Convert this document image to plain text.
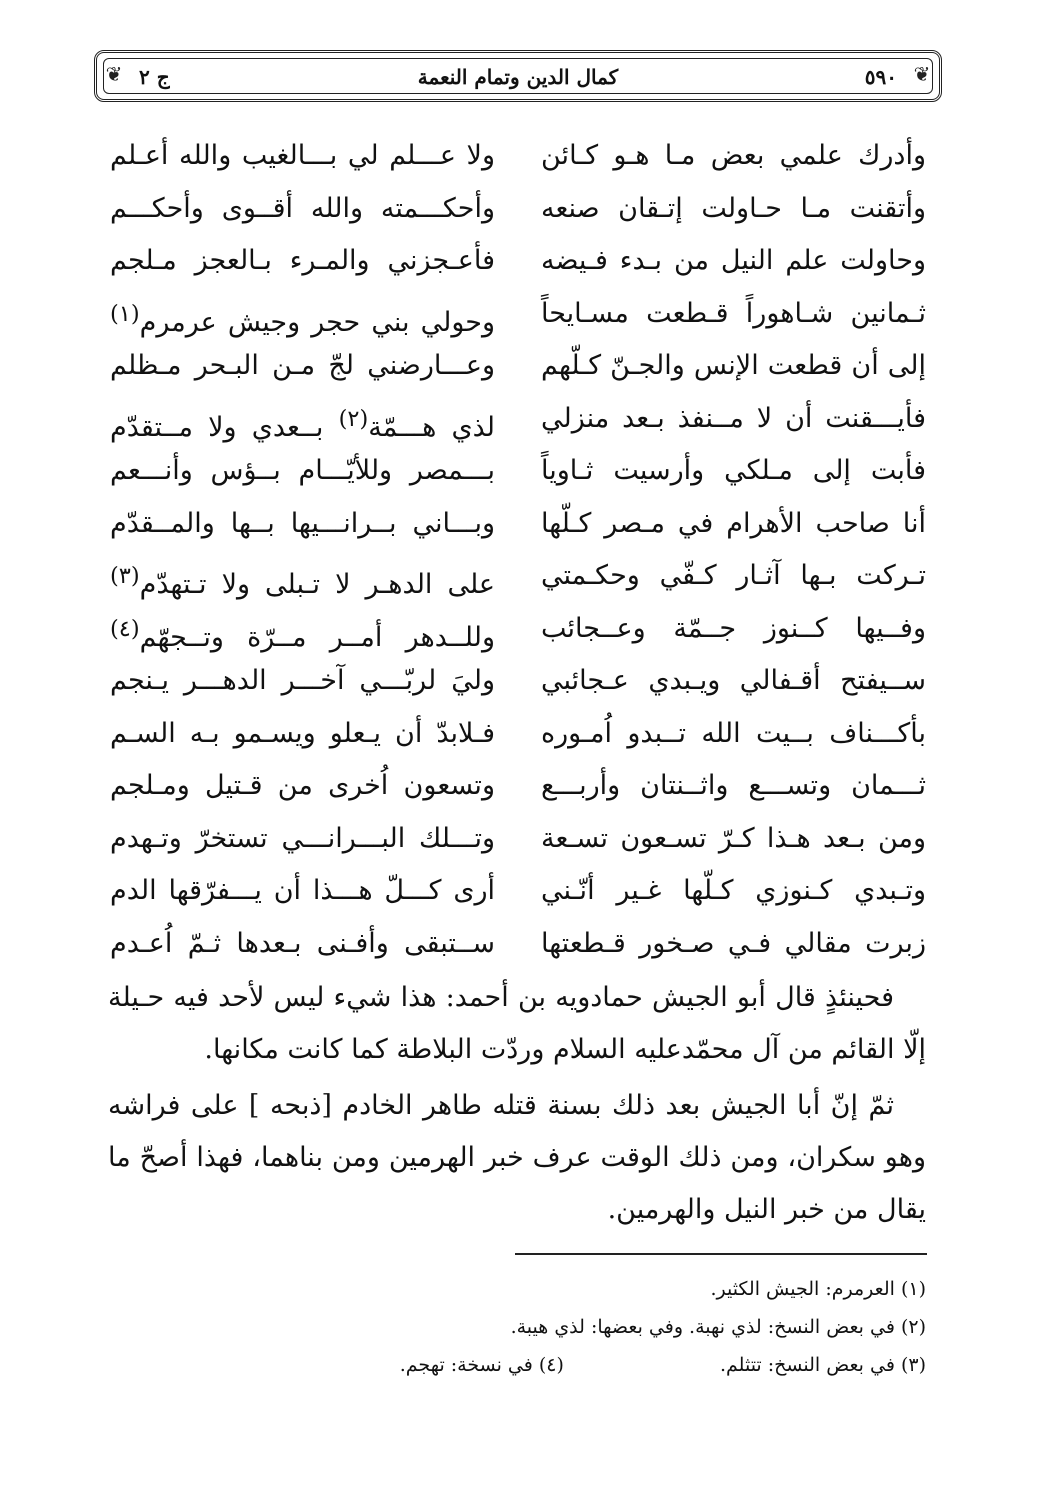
❦
❦	٥٩٠
كمال الدين وتمام النعمة
ج ٢
وأدرك علمي بعض مـا هـو كـائن
وأتقنت مـا حـاولت إتـقان صنعه
وحاولت علم النيل من بـدء فـيضه
ثـمانين شـاهوراً قـطعت مسـايحاً
إلى أن قطعت الإنس والجـنّ كـلّهم
فأيـــقنت أن لا مــنفذ بـعد منزلي
فأبت إلى مـلكي وأرسيت ثـاوياً
أنا صاحب الأهرام في مـصر كـلّها
تـركت بـها آثـار كـفّي وحكـمتي
وفــيها كــنوز جــمّة وعــجائب
ســيفتح أقـفالي ويـبدي عـجائبي
بأكـــناف بــيت الله تــبدو اُمـوره
ثـــمان وتســـع واثــنتان وأربـــع
ومن بـعد هـذا كـرّ تسـعون تسـعة
وتـبدي كـنوزي كـلّها غـير أنّـني
زبرت مقالي فـي صـخور قـطعتها
ولا عـــلم لي بـــالغيب والله أعـلم
وأحكـــمته والله أقــوى وأحكـــم
فأعـجزني والمـرء بـالعجز مـلجم
وحولي بني حجر وجيش عرمرم$^{(١)}$
وعـــارضني لجّ مـن البـحر مـظلم
لذي هـــمّة$^{(٢)}$ بــعدي ولا مــتقدّم
بـــمصر وللأيّـــام بــؤس وأنـــعم
وبـــاني بــرانـــيها بــها والمــقدّم
على الدهـر لا تـبلى ولا تـتهدّم$^{(٣)}$
وللــدهر أمــر مــرّة وتــجهّم$^{(٤)}$
وليَ لربّـــي آخـــر الدهـــر يـنجم
فـلابدّ أن يـعلو ويسـمو بـه السـم
وتسعون اُخرى من قـتيل ومـلجم
وتـــلك البـــرانـــي تستخرّ وتـهدم
أرى كـــلّ هـــذا أن يـــفرّقها الدم
ســتبقى وأفـنى بـعدها ثـمّ اُعـدم

فحينئذٍ قال أبو الجيش حمادويه بن أحمد: هذا شيء ليس لأحد فيه حـيلة إلّا القائم من آل محمّدعليه السلام وردّت البلاطة كما كانت مكانها.

ثمّ إنّ أبا الجيش بعد ذلك بسنة قتله طاهر الخادم [ذبحه ] على فراشه وهو سكران، ومن ذلك الوقت عرف خبر الهرمين ومن بناهما، فهذا أصحّ ما يقال من خبر النيل والهرمين.

(١) العرمرم: الجيش الكثير.
(٢) في بعض النسخ: لذي نهبة. وفي بعضها: لذي هيبة.
(٣) في بعض النسخ: تتثلم. (٤) في نسخة: تهجم.
